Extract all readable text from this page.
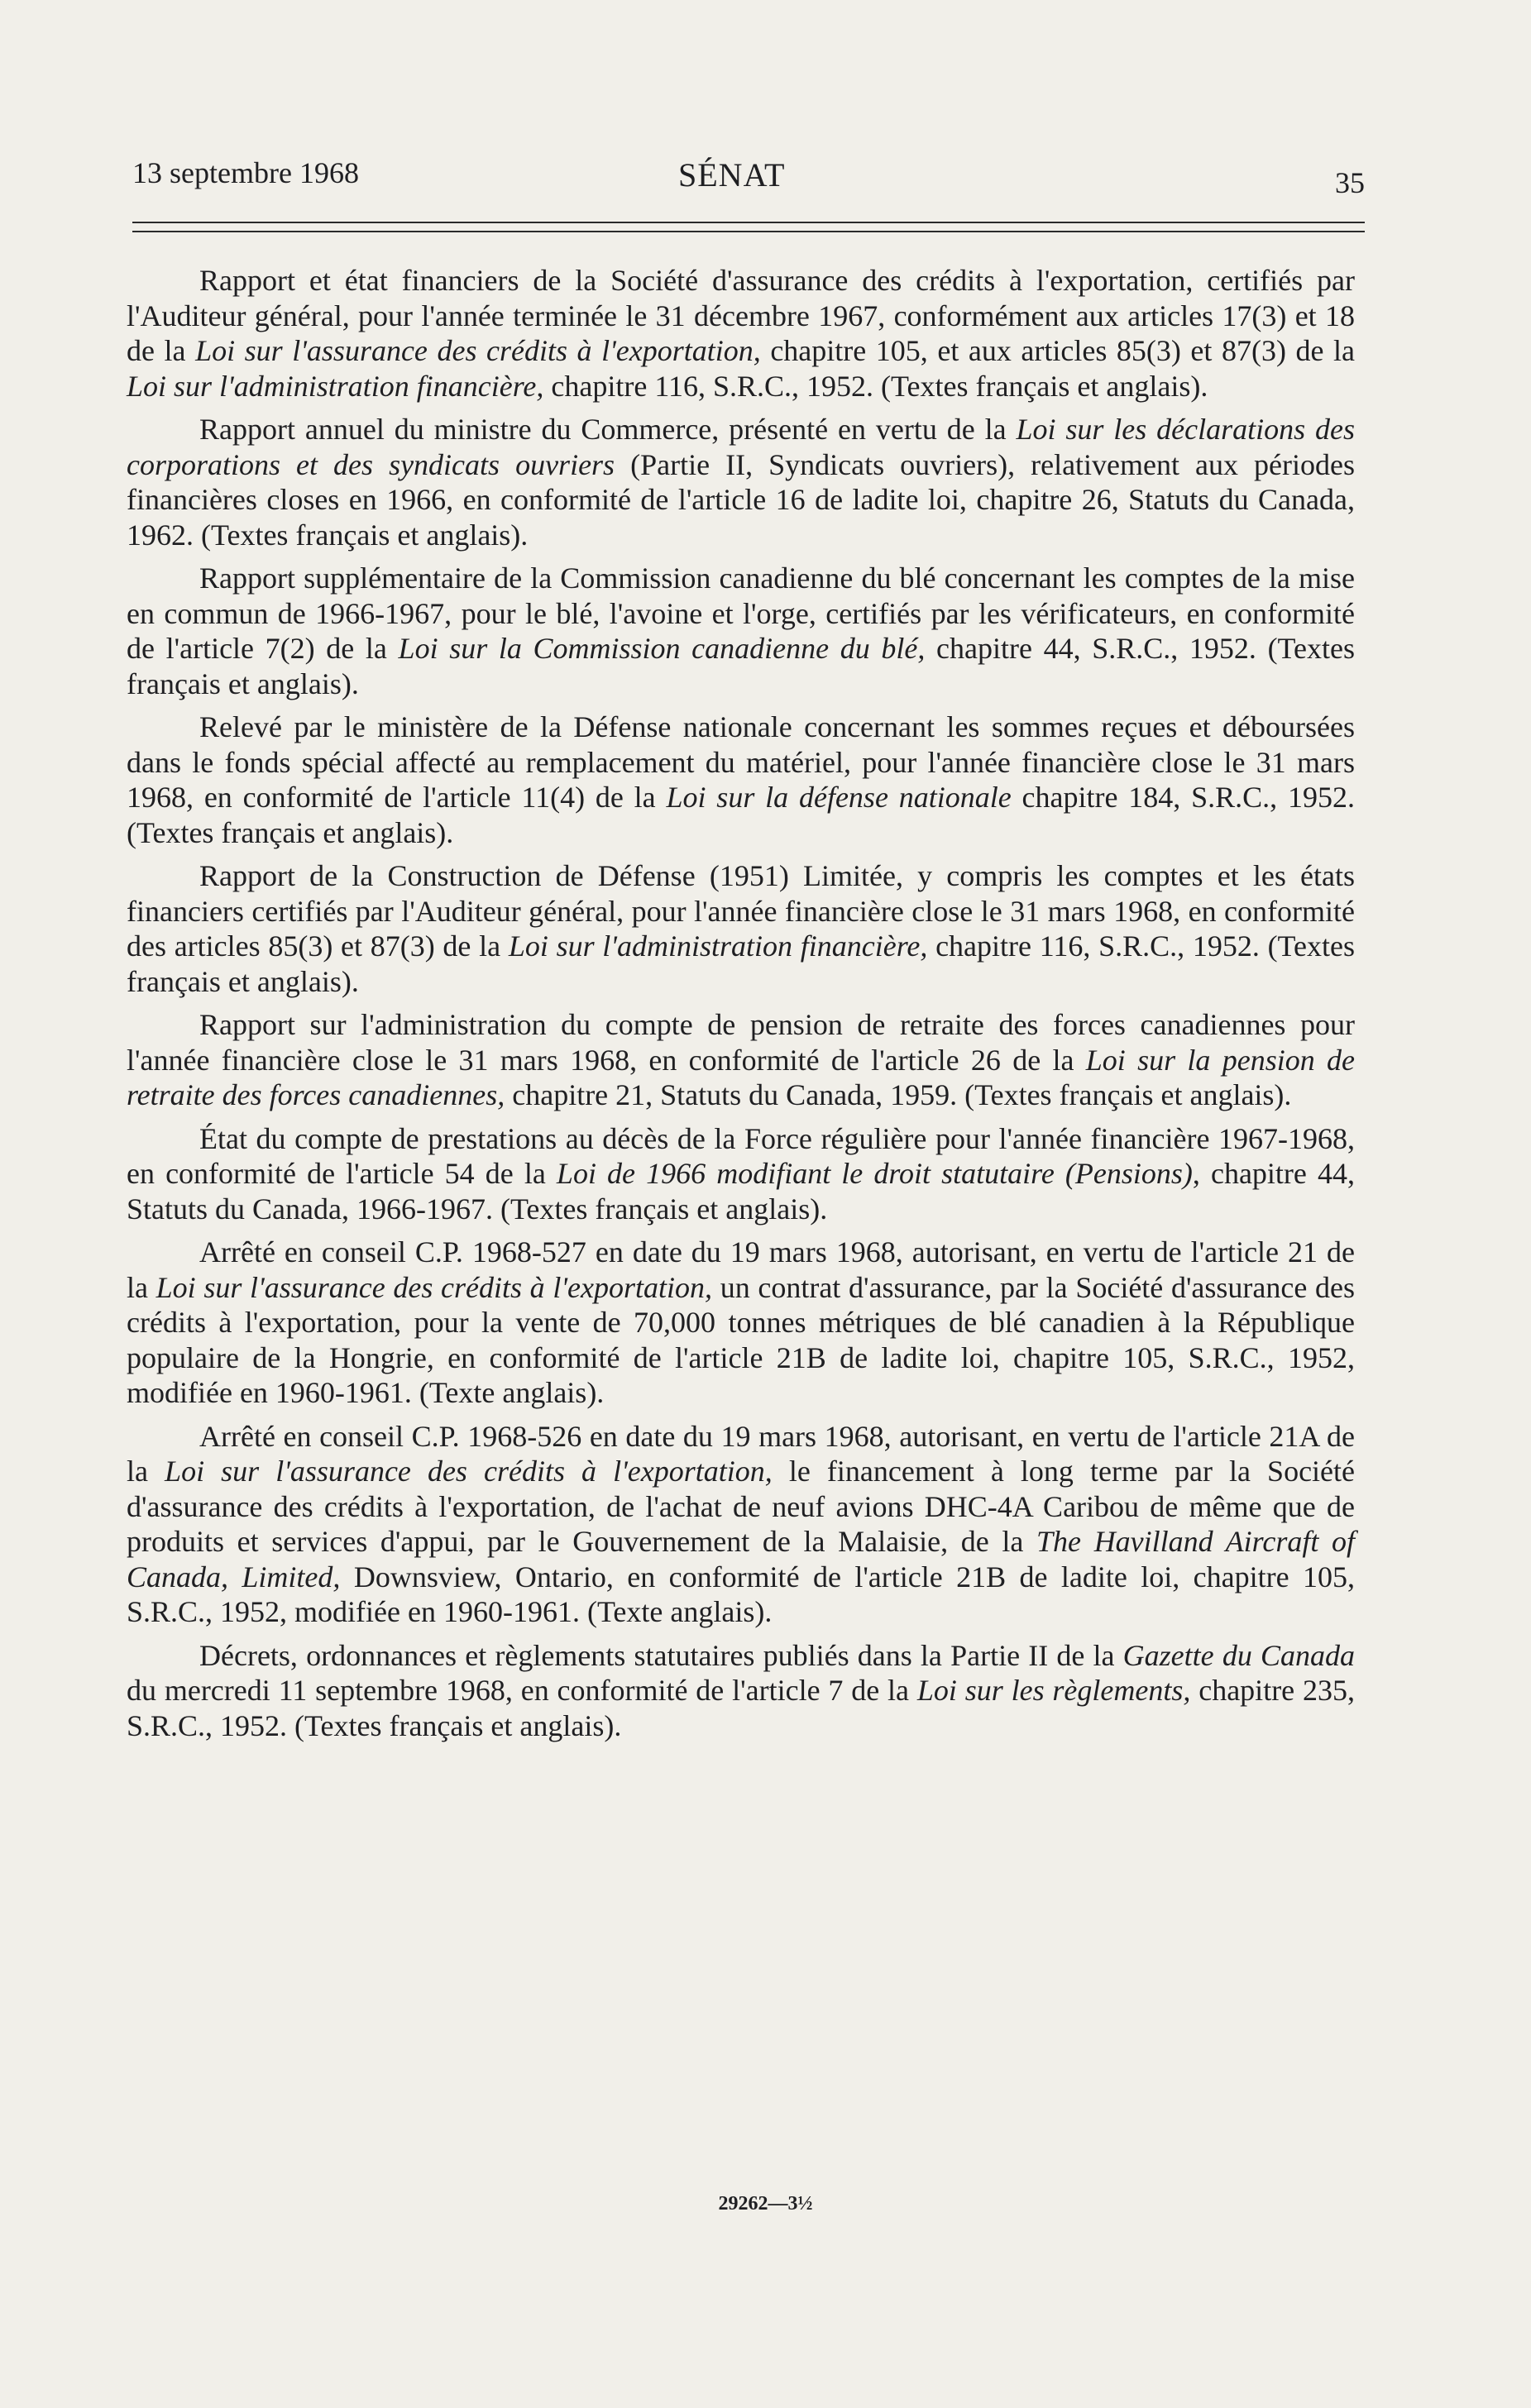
13 septembre 1968	SÉNAT	35

Rapport et état financiers de la Société d'assurance des crédits à l'exportation, certifiés par l'Auditeur général, pour l'année terminée le 31 décembre 1967, conformément aux articles 17(3) et 18 de la Loi sur l'assurance des crédits à l'exportation, chapitre 105, et aux articles 85(3) et 87(3) de la Loi sur l'administration financière, chapitre 116, S.R.C., 1952. (Textes français et anglais).

Rapport annuel du ministre du Commerce, présenté en vertu de la Loi sur les déclarations des corporations et des syndicats ouvriers (Partie II, Syndicats ouvriers), relativement aux périodes financières closes en 1966, en conformité de l'article 16 de ladite loi, chapitre 26, Statuts du Canada, 1962. (Textes français et anglais).

Rapport supplémentaire de la Commission canadienne du blé concernant les comptes de la mise en commun de 1966-1967, pour le blé, l'avoine et l'orge, certifiés par les vérificateurs, en conformité de l'article 7(2) de la Loi sur la Commission canadienne du blé, chapitre 44, S.R.C., 1952. (Textes français et anglais).

Relevé par le ministère de la Défense nationale concernant les sommes reçues et déboursées dans le fonds spécial affecté au remplacement du matériel, pour l'année financière close le 31 mars 1968, en conformité de l'article 11(4) de la Loi sur la défense nationale chapitre 184, S.R.C., 1952. (Textes français et anglais).

Rapport de la Construction de Défense (1951) Limitée, y compris les comptes et les états financiers certifiés par l'Auditeur général, pour l'année financière close le 31 mars 1968, en conformité des articles 85(3) et 87(3) de la Loi sur l'administration financière, chapitre 116, S.R.C., 1952. (Textes français et anglais).

Rapport sur l'administration du compte de pension de retraite des forces canadiennes pour l'année financière close le 31 mars 1968, en conformité de l'article 26 de la Loi sur la pension de retraite des forces canadiennes, chapitre 21, Statuts du Canada, 1959. (Textes français et anglais).

État du compte de prestations au décès de la Force régulière pour l'année financière 1967-1968, en conformité de l'article 54 de la Loi de 1966 modifiant le droit statutaire (Pensions), chapitre 44, Statuts du Canada, 1966-1967. (Textes français et anglais).

Arrêté en conseil C.P. 1968-527 en date du 19 mars 1968, autorisant, en vertu de l'article 21 de la Loi sur l'assurance des crédits à l'exportation, un contrat d'assurance, par la Société d'assurance des crédits à l'exportation, pour la vente de 70,000 tonnes métriques de blé canadien à la République populaire de la Hongrie, en conformité de l'article 21B de ladite loi, chapitre 105, S.R.C., 1952, modifiée en 1960-1961. (Texte anglais).

Arrêté en conseil C.P. 1968-526 en date du 19 mars 1968, autorisant, en vertu de l'article 21A de la Loi sur l'assurance des crédits à l'exportation, le financement à long terme par la Société d'assurance des crédits à l'exportation, de l'achat de neuf avions DHC-4A Caribou de même que de produits et services d'appui, par le Gouvernement de la Malaisie, de la The Havilland Aircraft of Canada, Limited, Downsview, Ontario, en conformité de l'article 21B de ladite loi, chapitre 105, S.R.C., 1952, modifiée en 1960-1961. (Texte anglais).

Décrets, ordonnances et règlements statutaires publiés dans la Partie II de la Gazette du Canada du mercredi 11 septembre 1968, en conformité de l'article 7 de la Loi sur les règlements, chapitre 235, S.R.C., 1952. (Textes français et anglais).

29262—3½
